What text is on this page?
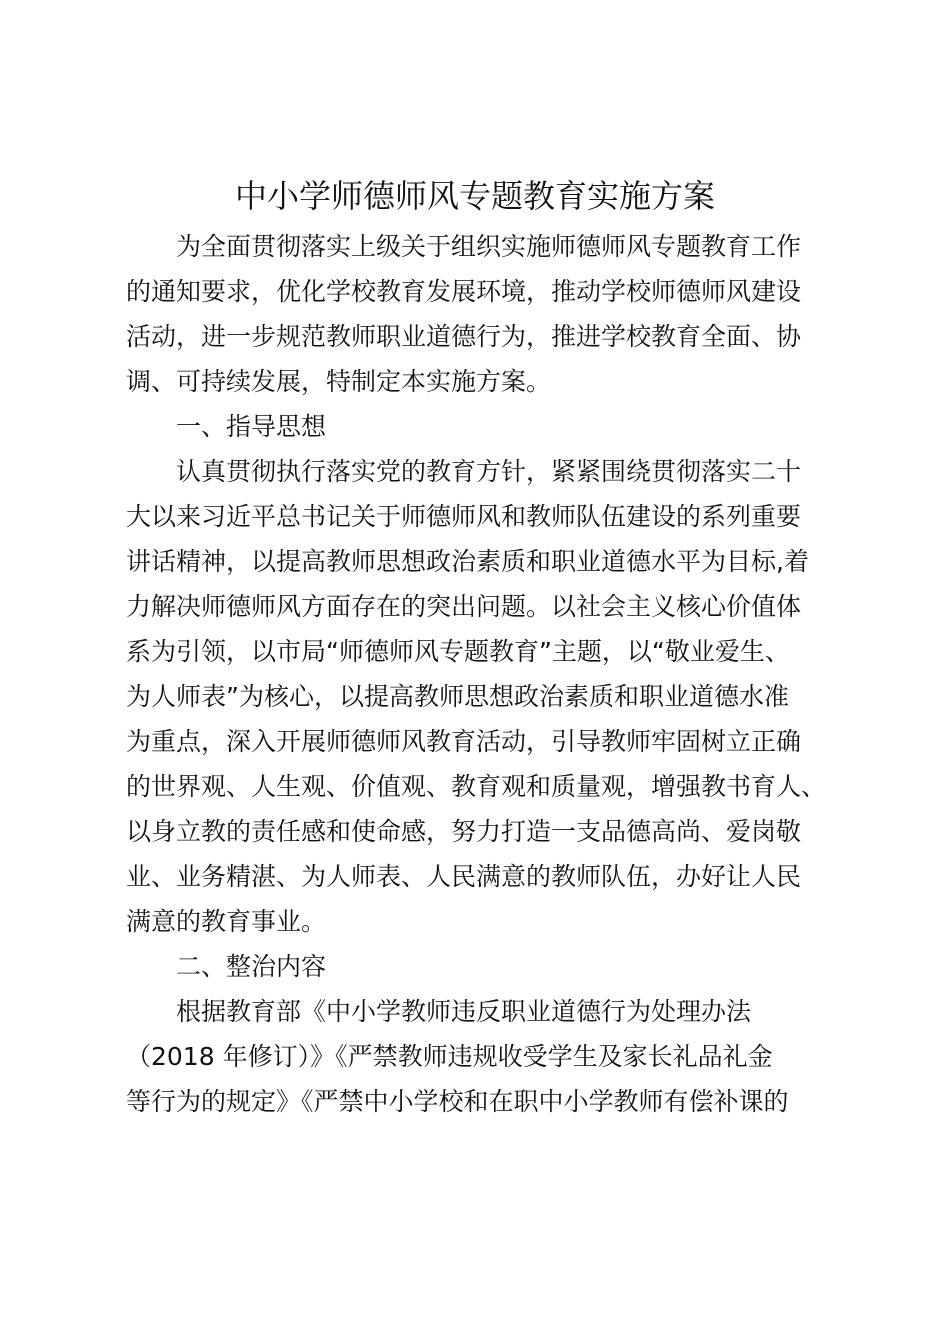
中小学师德师风专题教育实施方案
　　为全面贯彻落实上级关于组织实施师德师风专题教育工作
的通知要求，优化学校教育发展环境，推动学校师德师风建设
活动，进一步规范教师职业道德行为，推进学校教育全面、协
调、可持续发展，特制定本实施方案。
　　一、指导思想
　　认真贯彻执行落实党的教育方针，紧紧围绕贯彻落实二十
大以来习近平总书记关于师德师风和教师队伍建设的系列重要
讲话精神，以提高教师思想政治素质和职业道德水平为目标,着
力解决师德师风方面存在的突出问题。以社会主义核心价值体
系为引领，以市局“师德师风专题教育”主题，以“敬业爱生、
为人师表”为核心，以提高教师思想政治素质和职业道德水准
为重点，深入开展师德师风教育活动，引导教师牢固树立正确
的世界观、人生观、价值观、教育观和质量观，增强教书育人、
以身立教的责任感和使命感，努力打造一支品德高尚、爱岗敬
业、业务精湛、为人师表、人民满意的教师队伍，办好让人民
满意的教育事业。
　　二、整治内容
　　根据教育部《中小学教师违反职业道德行为处理办法
（2018 年修订）》《严禁教师违规收受学生及家长礼品礼金
等行为的规定》《严禁中小学校和在职中小学教师有偿补课的
